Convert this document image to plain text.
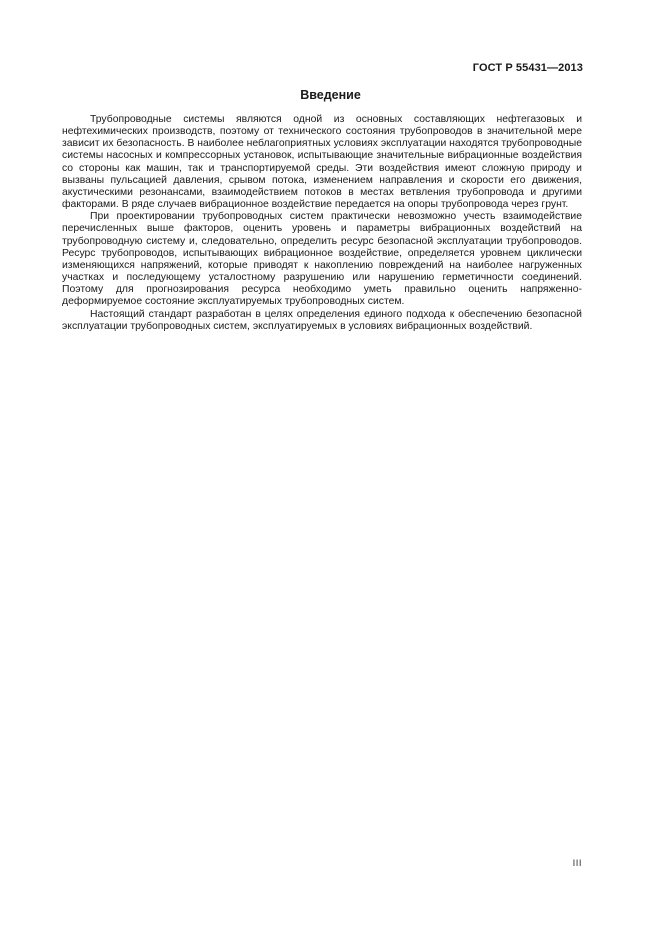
ГОСТ Р 55431—2013
Введение

Трубопроводные системы являются одной из основных составляющих нефтегазовых и нефтехимических производств, поэтому от технического состояния трубопроводов в значительной мере зависит их безопасность. В наиболее неблагоприятных условиях эксплуатации находятся трубопроводные системы насосных и компрессорных установок, испытывающие значительные вибрационные воздействия со стороны как машин, так и транспортируемой среды. Эти воздействия имеют сложную природу и вызваны пульсацией давления, срывом потока, изменением направления и скорости его движения, акустическими резонансами, взаимодействием потоков в местах ветвления трубопровода и другими факторами. В ряде случаев вибрационное воздействие передается на опоры трубопровода через грунт.

При проектировании трубопроводных систем практически невозможно учесть взаимодействие перечисленных выше факторов, оценить уровень и параметры вибрационных воздействий на трубопроводную систему и, следовательно, определить ресурс безопасной эксплуатации трубопроводов. Ресурс трубопроводов, испытывающих вибрационное воздействие, определяется уровнем циклически изменяющихся напряжений, которые приводят к накоплению повреждений на наиболее нагруженных участках и последующему усталостному разрушению или нарушению герметичности соединений. Поэтому для прогнозирования ресурса необходимо уметь правильно оценить напряженно-деформируемое состояние эксплуатируемых трубопроводных систем.

Настоящий стандарт разработан в целях определения единого подхода к обеспечению безопасной эксплуатации трубопроводных систем, эксплуатируемых в условиях вибрационных воздействий.

III
